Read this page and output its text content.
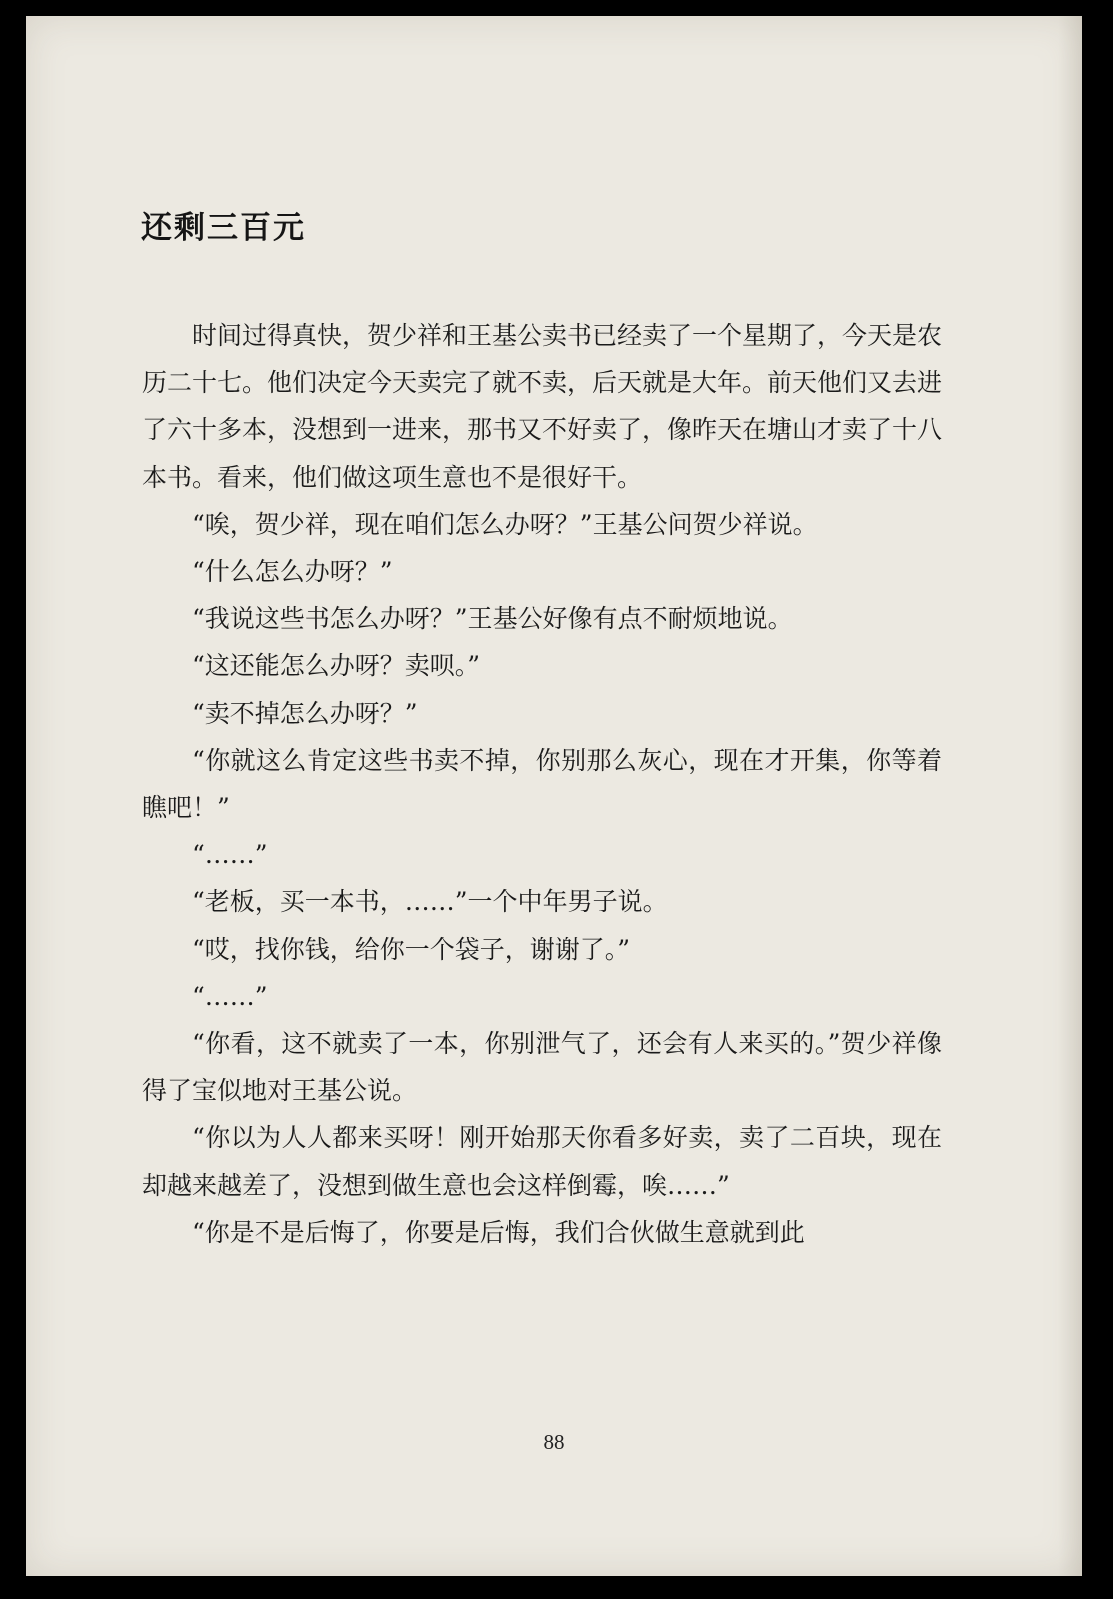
还剩三百元

时间过得真快，贺少祥和王基公卖书已经卖了一个星期了，今天是农历二十七。他们决定今天卖完了就不卖，后天就是大年。前天他们又去进了六十多本，没想到一进来，那书又不好卖了，像昨天在塘山才卖了十八本书。看来，他们做这项生意也不是很好干。

“唉，贺少祥，现在咱们怎么办呀？”王基公问贺少祥说。

“什么怎么办呀？”

“我说这些书怎么办呀？”王基公好像有点不耐烦地说。

“这还能怎么办呀？卖呗。”

“卖不掉怎么办呀？”

“你就这么肯定这些书卖不掉，你别那么灰心，现在才开集，你等着瞧吧！”

“……”

“老板，买一本书，……”一个中年男子说。

“哎，找你钱，给你一个袋子，谢谢了。”

“……”

“你看，这不就卖了一本，你别泄气了，还会有人来买的。”贺少祥像得了宝似地对王基公说。

“你以为人人都来买呀！刚开始那天你看多好卖，卖了二百块，现在却越来越差了，没想到做生意也会这样倒霉，唉……”

“你是不是后悔了，你要是后悔，我们合伙做生意就到此

88
